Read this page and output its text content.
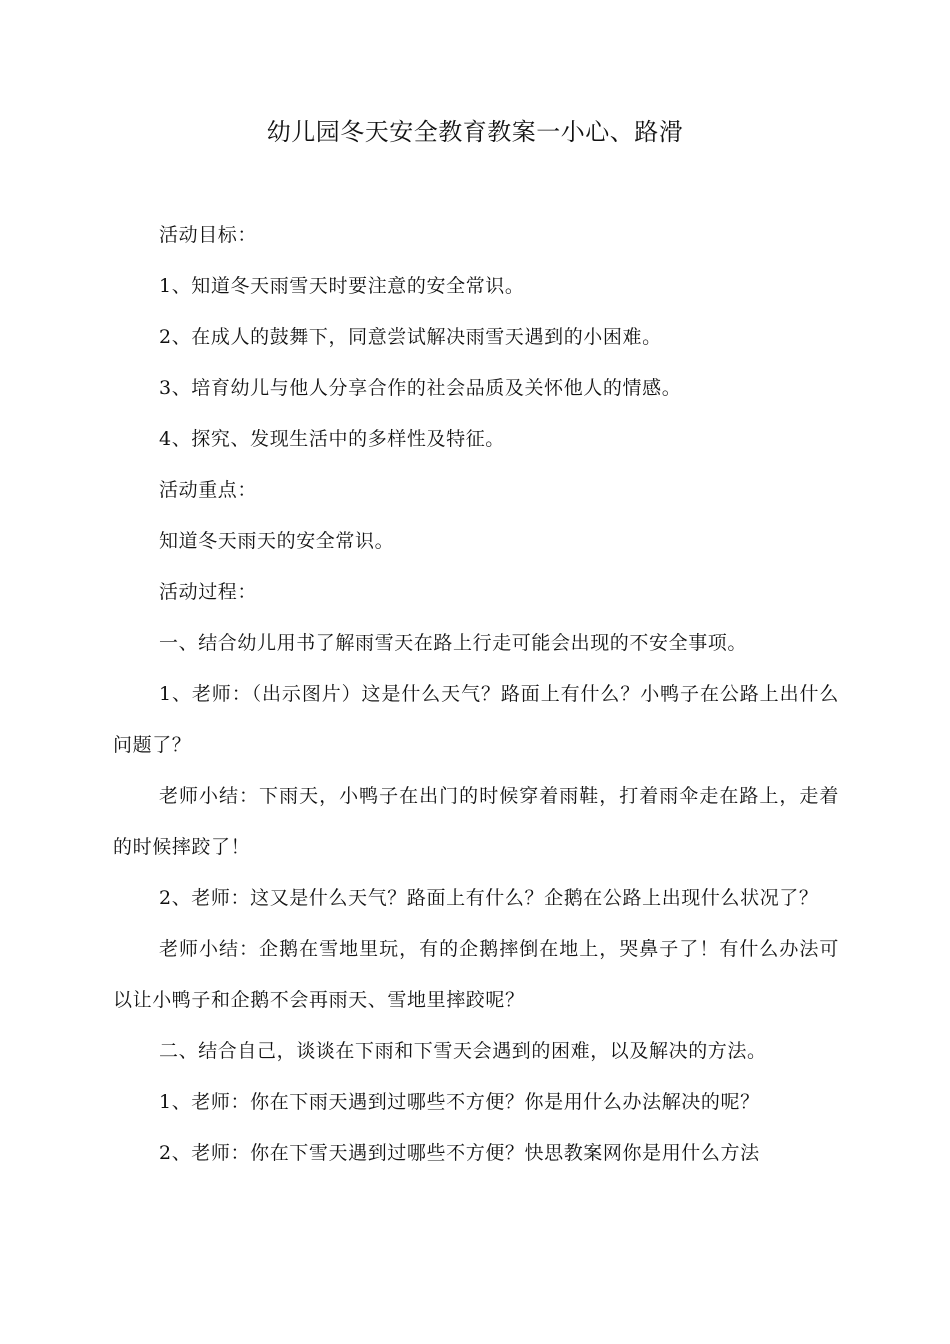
幼儿园冬天安全教育教案一小心、路滑

活动目标：

1、知道冬天雨雪天时要注意的安全常识。

2、在成人的鼓舞下，同意尝试解决雨雪天遇到的小困难。

3、培育幼儿与他人分享合作的社会品质及关怀他人的情感。

4、探究、发现生活中的多样性及特征。

活动重点：

知道冬天雨天的安全常识。

活动过程：

一、结合幼儿用书了解雨雪天在路上行走可能会出现的不安全事项。

1、老师：（出示图片）这是什么天气？路面上有什么？小鸭子在公路上出什么问题了？

老师小结：下雨天，小鸭子在出门的时候穿着雨鞋，打着雨伞走在路上，走着的时候摔跤了！

2、老师：这又是什么天气？路面上有什么？企鹅在公路上出现什么状况了？

老师小结：企鹅在雪地里玩，有的企鹅摔倒在地上，哭鼻子了！有什么办法可以让小鸭子和企鹅不会再雨天、雪地里摔跤呢？

二、结合自己，谈谈在下雨和下雪天会遇到的困难，以及解决的方法。

1、老师：你在下雨天遇到过哪些不方便？你是用什么办法解决的呢？

2、老师：你在下雪天遇到过哪些不方便？快思教案网你是用什么方法
